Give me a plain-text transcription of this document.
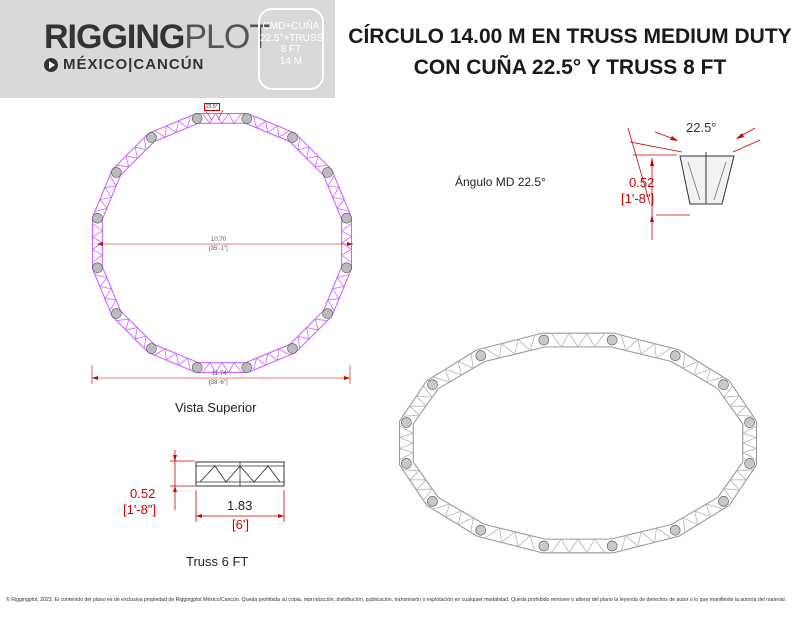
RIGGINGPLOT
MÉXICO|CANCÚN
CMD+CUÑA
22.5°+TRUSS
8 FT
14 M
CÍRCULO 14.00 M EN TRUSS MEDIUM DUTY
CON CUÑA 22.5° Y TRUSS 8 FT
10.70
[35'-1"]
11.74
[38'-6"]
22.5°
Vista Superior
Ángulo MD 22.5°
22.5°
0.52
[1'-8"]
0.52
[1'-8"]	1.83
[6']
Truss 6 FT
© Riggingplot, 2023. El contenido del plano es de exclusiva propiedad de Riggingplot México/Cancún. Queda prohibida su copia, reproducción, distribución, publicación, transmisión o explotación en cualquier modalidad. Queda prohibido remover o alterar del plano la leyenda de derechos de autor o lo que manifieste la autoría del material.
